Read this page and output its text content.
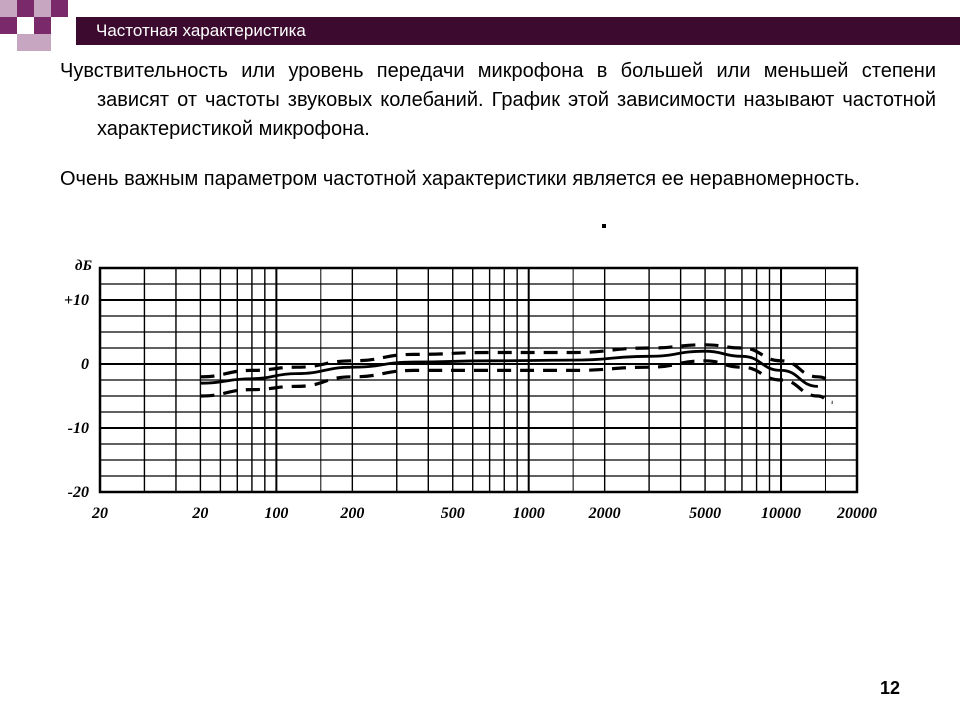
Частотная характеристика

Чувствительность или уровень передачи микрофона в большей или меньшей степени зависят от частоты звуковых колебаний. График этой зависимости называют частотной характеристикой микрофона.

Очень важным параметром частотной характеристики является ее неравномерность.

дБ
+10
0
-10
-20
20	20	100	200	500	1000	2000	5000 10000 20000
12
